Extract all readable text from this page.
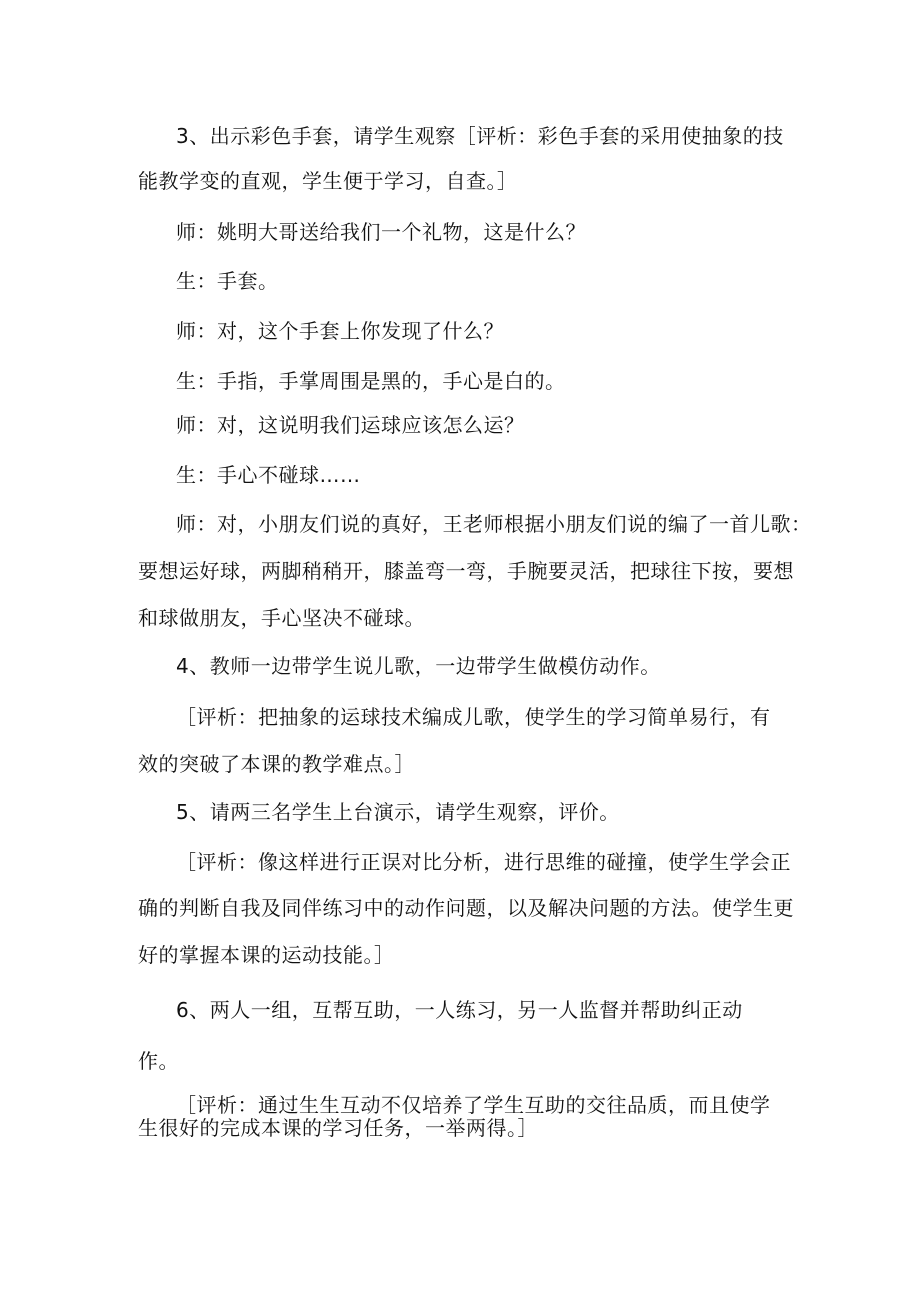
3、出示彩色手套，请学生观察［评析：彩色手套的采用使抽象的技
能教学变的直观，学生便于学习，自查。］
师：姚明大哥送给我们一个礼物，这是什么？
生：手套。
师：对，这个手套上你发现了什么？
生：手指，手掌周围是黑的，手心是白的。
师：对，这说明我们运球应该怎么运？
生：手心不碰球……
师：对，小朋友们说的真好，王老师根据小朋友们说的编了一首儿歌：
要想运好球，两脚稍稍开，膝盖弯一弯，手腕要灵活，把球往下按，要想
和球做朋友，手心坚决不碰球。
4、教师一边带学生说儿歌，一边带学生做模仿动作。
［评析：把抽象的运球技术编成儿歌，使学生的学习简单易行，有
效的突破了本课的教学难点。］
5、请两三名学生上台演示，请学生观察，评价。
［评析：像这样进行正误对比分析，进行思维的碰撞，使学生学会正
确的判断自我及同伴练习中的动作问题，以及解决问题的方法。使学生更
好的掌握本课的运动技能。］
6、两人一组，互帮互助，一人练习，另一人监督并帮助纠正动
作。
［评析：通过生生互动不仅培养了学生互助的交往品质，而且使学
生很好的完成本课的学习任务，一举两得。］
